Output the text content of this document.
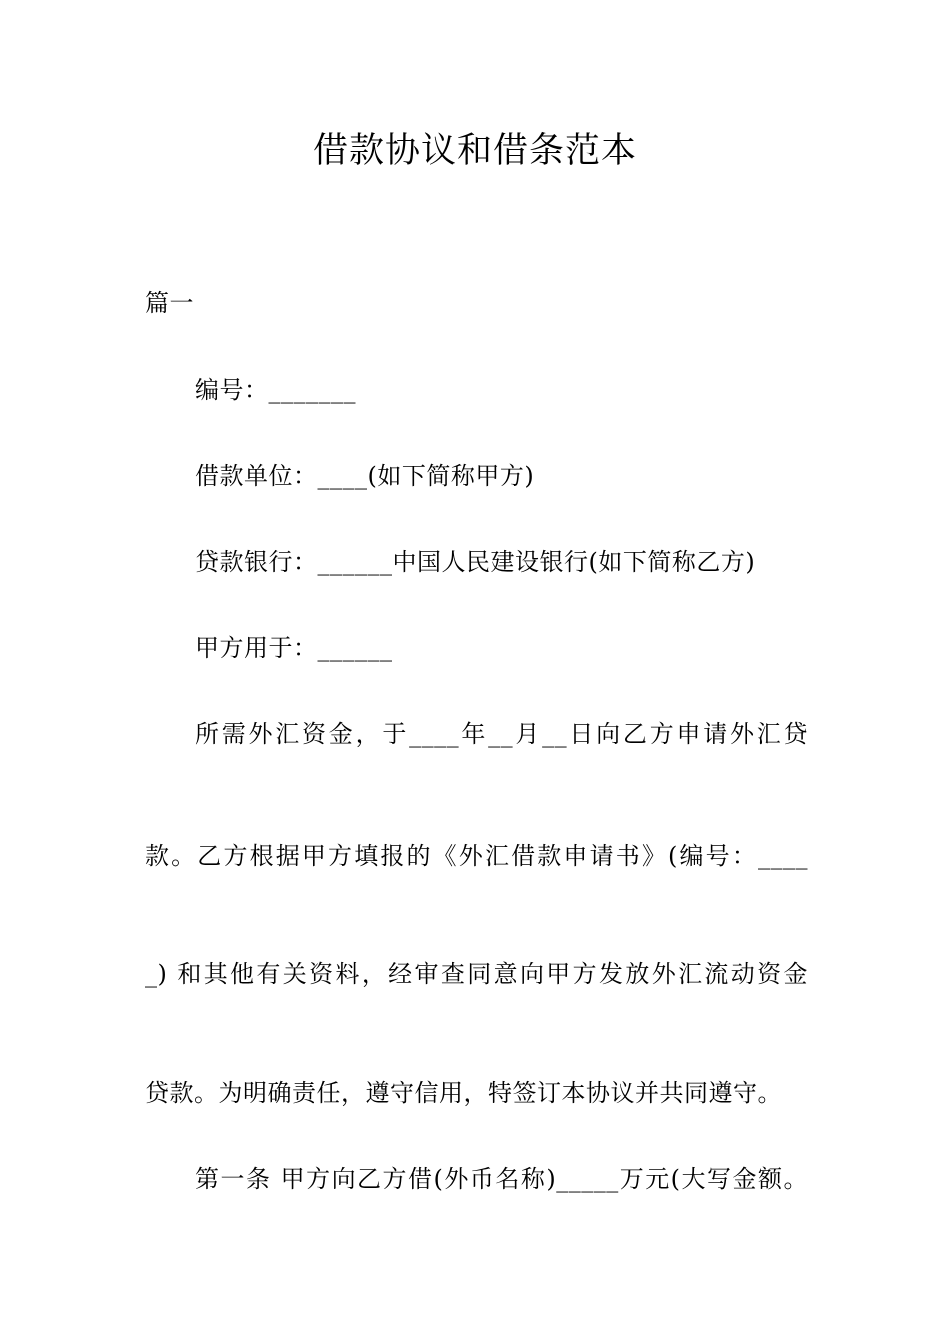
借款协议和借条范本
篇一
编号：_______
借款单位：____(如下简称甲方)
贷款银行：______中国人民建设银行(如下简称乙方)
甲方用于：______
所需外汇资金，于____年__月__日向乙方申请外汇贷
款。乙方根据甲方填报的《外汇借款申请书》(编号：____
_) 和其他有关资料，经审查同意向甲方发放外汇流动资金
贷款。为明确责任，遵守信用，特签订本协议并共同遵守。
第一条 甲方向乙方借(外币名称)_____万元(大写金额。
